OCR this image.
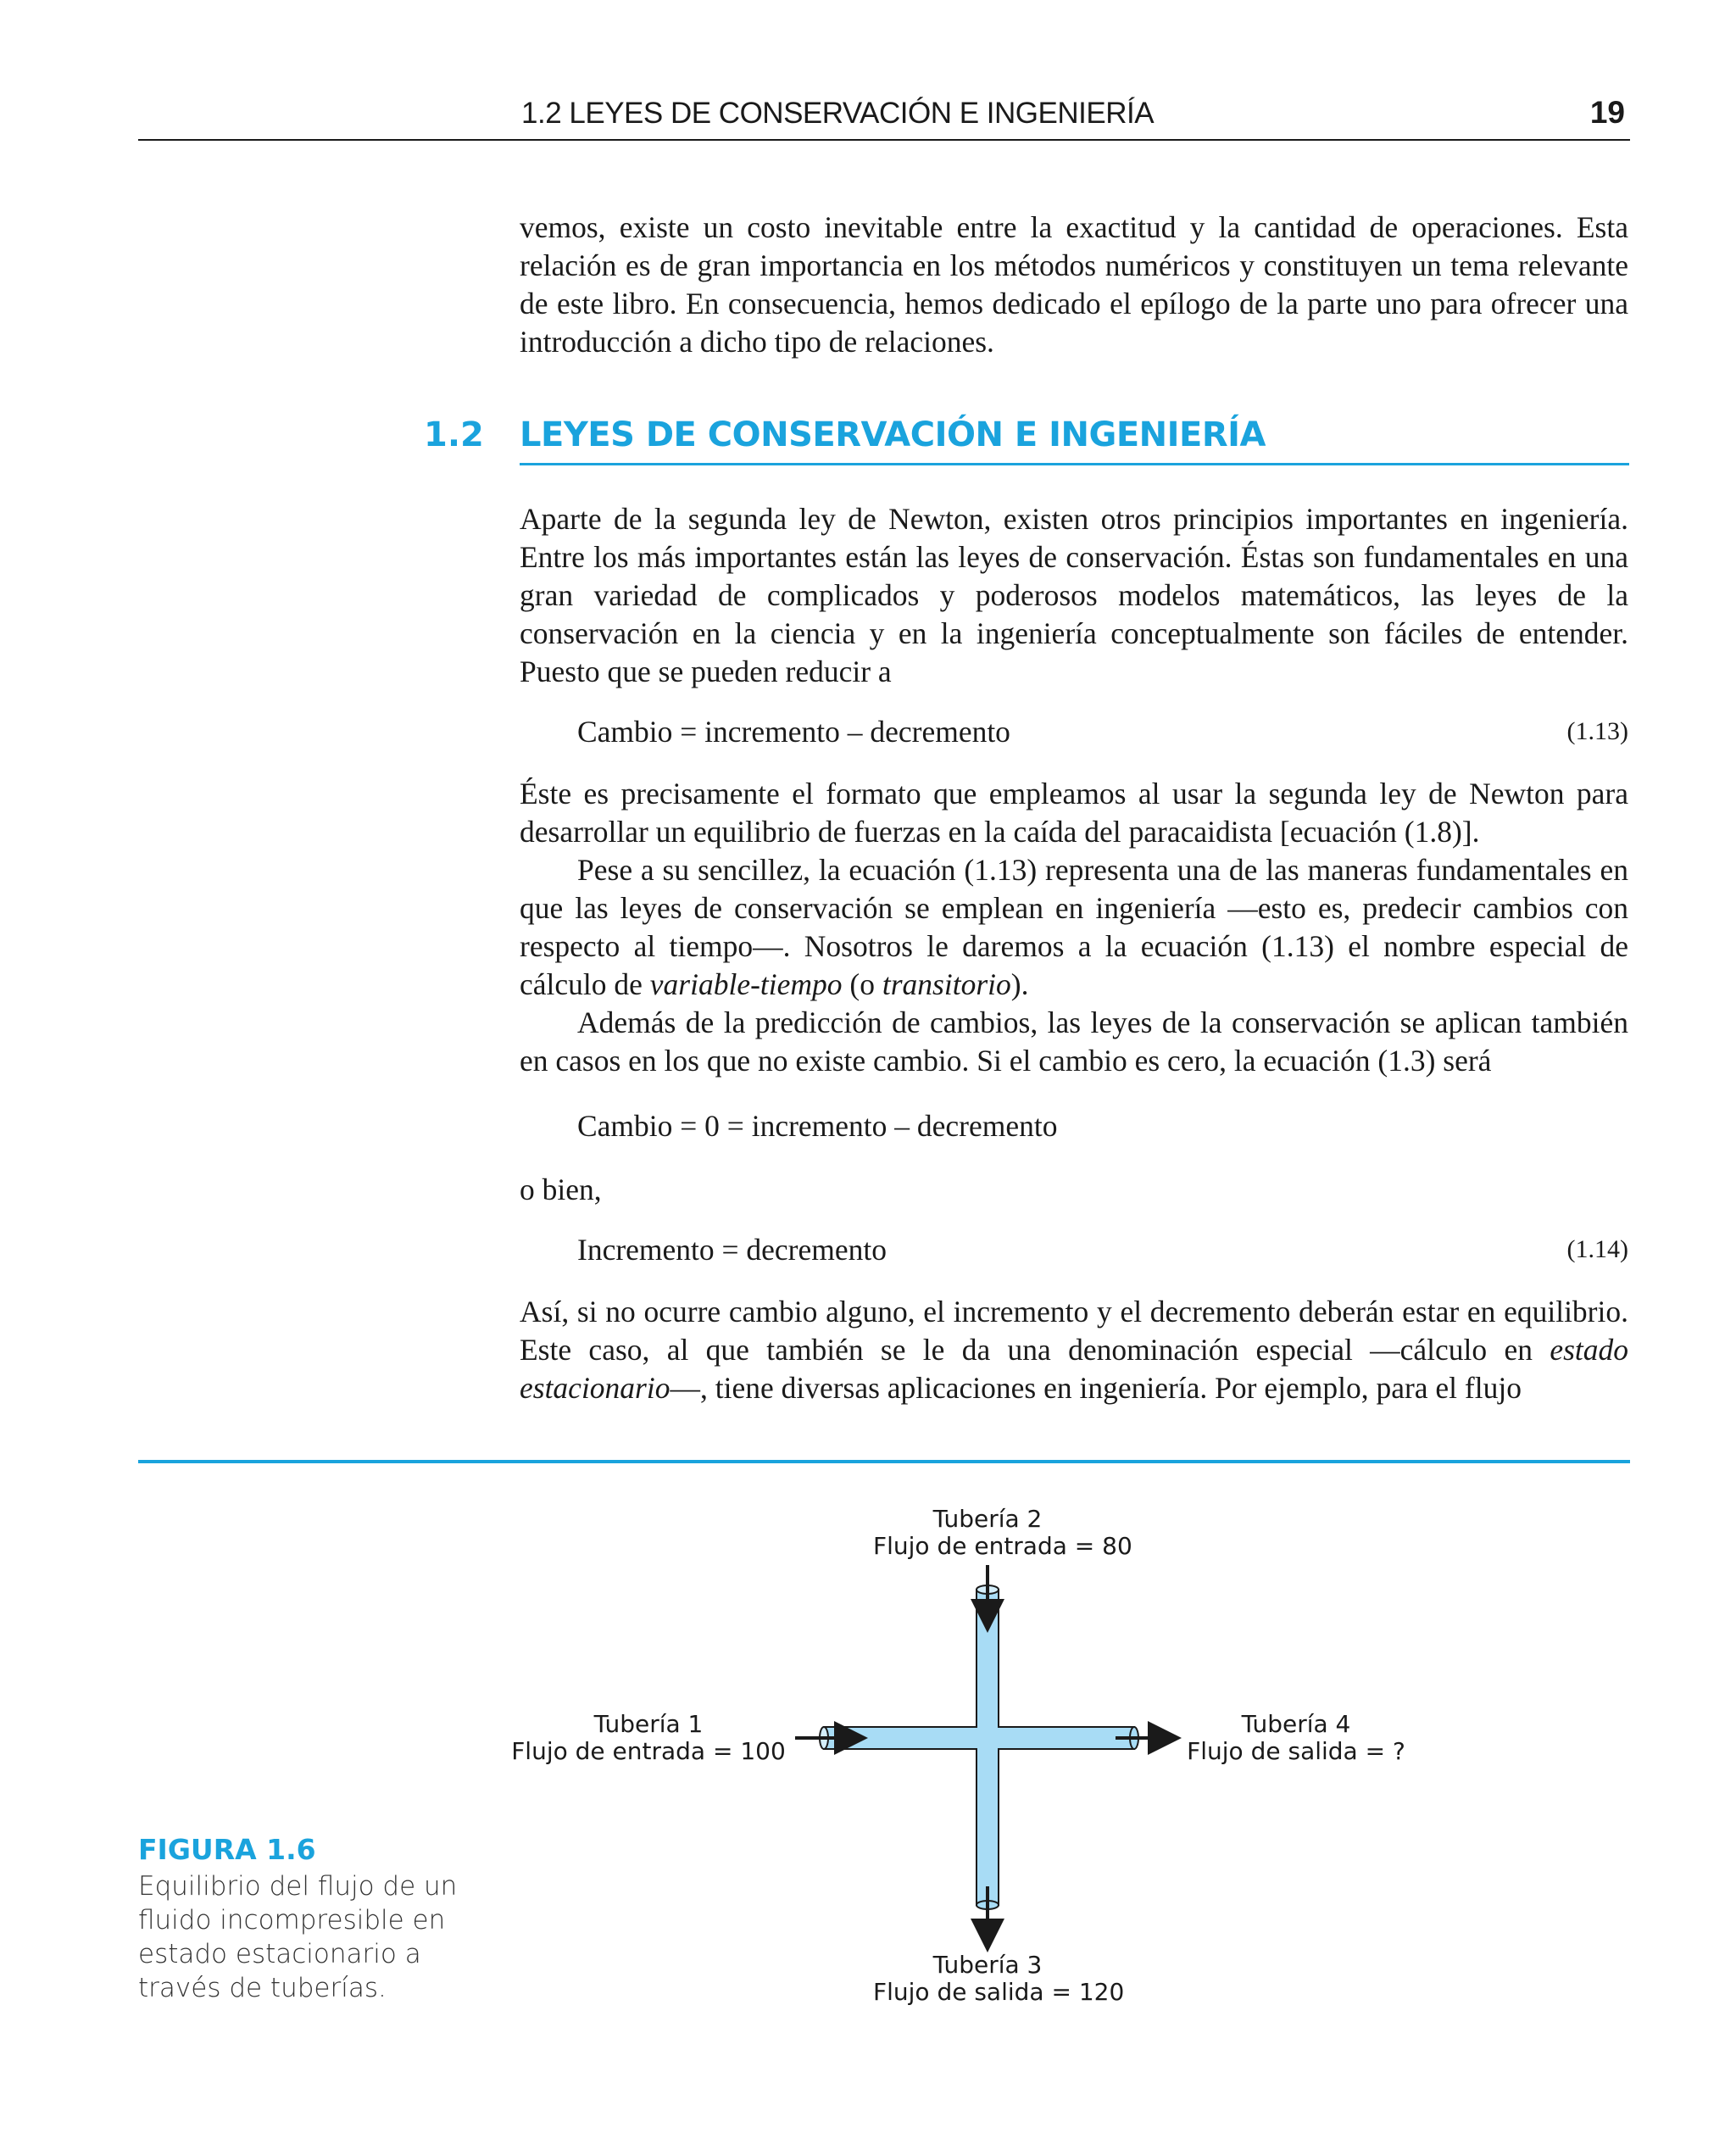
1.2 LEYES DE CONSERVACIÓN E INGENIERÍA	19

vemos, existe un costo inevitable entre la exactitud y la cantidad de operaciones. Esta relación es de gran importancia en los métodos numéricos y constituyen un tema relevante de este libro. En consecuencia, hemos dedicado el epílogo de la parte uno para ofrecer una introducción a dicho tipo de relaciones.

1.2 LEYES DE CONSERVACIÓN E INGENIERÍA

Aparte de la segunda ley de Newton, existen otros principios importantes en ingeniería. Entre los más importantes están las leyes de conservación. Éstas son fundamentales en una gran variedad de complicados y poderosos modelos matemáticos, las leyes de la conservación en la ciencia y en la ingeniería conceptualmente son fáciles de entender. Puesto que se pueden reducir a

Cambio = incremento – decremento	(1.13)

Éste es precisamente el formato que empleamos al usar la segunda ley de Newton para desarrollar un equilibrio de fuerzas en la caída del paracaidista [ecuación (1.8)].

Pese a su sencillez, la ecuación (1.13) representa una de las maneras fundamentales en que las leyes de conservación se emplean en ingeniería —esto es, predecir cambios con respecto al tiempo—. Nosotros le daremos a la ecuación (1.13) el nombre especial de cálculo de variable-tiempo (o transitorio).

Además de la predicción de cambios, las leyes de la conservación se aplican también en casos en los que no existe cambio. Si el cambio es cero, la ecuación (1.3) será

Cambio = 0 = incremento – decremento

o bien,

Incremento = decremento	(1.14)

Así, si no ocurre cambio alguno, el incremento y el decremento deberán estar en equilibrio. Este caso, al que también se le da una denominación especial —cálculo en estado estacionario—, tiene diversas aplicaciones en ingeniería. Por ejemplo, para el flujo

FIGURA 1.6

Equilibrio del flujo de un fluido incompresible en estado estacionario a través de tuberías.

Tubería 2
Flujo de entrada = 80
Tubería 1
Flujo de entrada = 100
Tubería 4
Flujo de salida = ?
Tubería 3
Flujo de salida = 120
